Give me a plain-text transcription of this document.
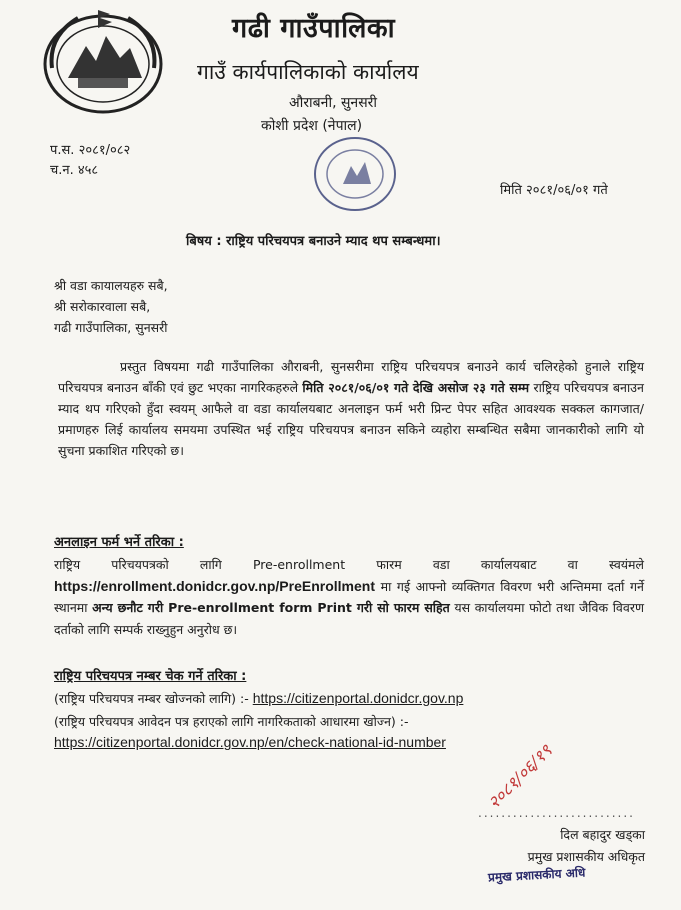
गढी गाउँपालिका
गाउँ कार्यपालिकाको कार्यालय
औराबनी, सुनसरी
कोशी प्रदेश (नेपाल)
प.स. २०८१/०८२
च.न. ४५८
मिति २०८१/०६/०१ गते
बिषय : राष्ट्रिय परिचयपत्र बनाउने म्याद थप सम्बन्धमा।
श्री वडा कायालयहरु सबै,
श्री सरोकारवाला सबै,
गढी गाउँपालिका, सुनसरी
प्रस्तुत विषयमा गढी गाउँपालिका औराबनी, सुनसरीमा राष्ट्रिय परिचयपत्र बनाउने कार्य चलिरहेको हुनाले राष्ट्रिय परिचयपत्र बनाउन बाँकी एवं छुट भएका नागरिकहरुले मिति २०८१/०६/०१ गते देखि असोज २३ गते सम्म राष्ट्रिय परिचयपत्र बनाउन म्याद थप गरिएको हुँदा स्वयम् आफैले वा वडा कार्यालयबाट अनलाइन फर्म भरी प्रिन्ट पेपर सहित आवश्यक सक्कल कागजात/प्रमाणहरु लिई कार्यालय समयमा उपस्थित भई राष्ट्रिय परिचयपत्र बनाउन सकिने व्यहोरा सम्बन्धित सबैमा जानकारीको लागि यो सुचना प्रकाशित गरिएको छ।
अनलाइन फर्म भर्ने तरिका :
राष्ट्रिय परिचयपत्रको लागि Pre-enrollment फारम वडा कार्यालयबाट वा स्वयंमले https://enrollment.donidcr.gov.np/PreEnrollment मा गई आफ्नो व्यक्तिगत विवरण भरी अन्तिममा दर्ता गर्ने स्थानमा अन्य छनौट गरी Pre-enrollment form Print गरी सो फारम सहित यस कार्यालयमा फोटो तथा जैविक विवरण दर्ताको लागि सम्पर्क राख्नुहुन अनुरोध छ।
राष्ट्रिय परिचयपत्र नम्बर चेक गर्ने तरिका :
(राष्ट्रिय परिचयपत्र नम्बर खोज्नको लागि) :- https://citizenportal.donidcr.gov.np
(राष्ट्रिय परिचयपत्र आवेदन पत्र हराएको लागि नागरिकताको आधारमा खोज्न) :-
https://citizenportal.donidcr.gov.np/en/check-national-id-number २०८१/०६/१९
...........................
दिल बहादुर खड्का
प्रमुख प्रशासकीय अधिकृत
प्रमुख प्रशासकीय अधि
